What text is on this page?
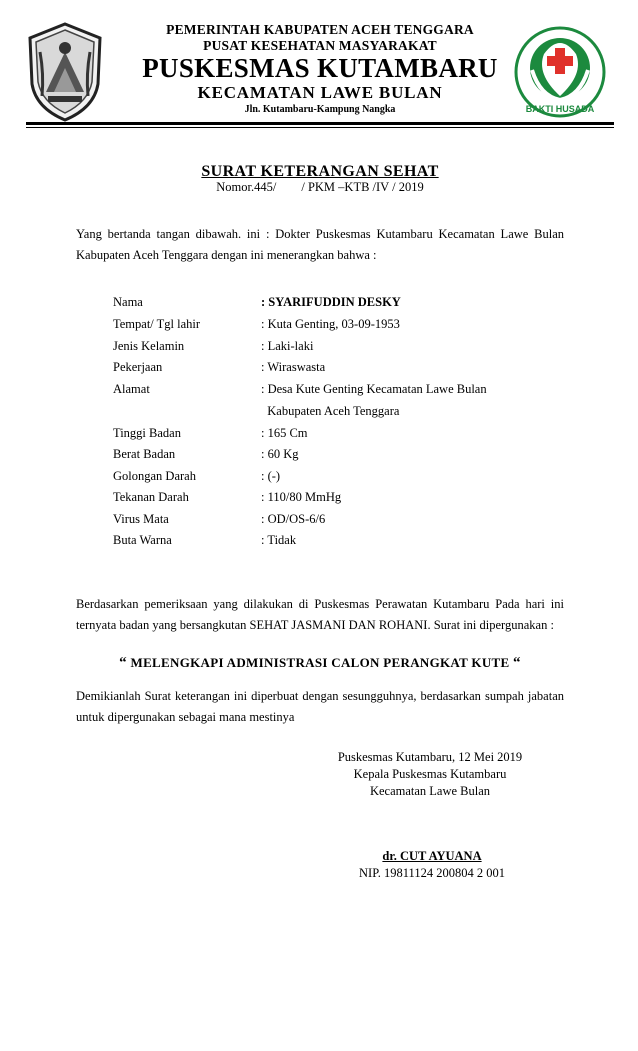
BAKTI HUSADA
PEMERINTAH KABUPATEN ACEH TENGGARA
PUSAT KESEHATAN MASYARAKAT
PUSKESMAS KUTAMBARU
KECAMATAN LAWE BULAN
Jln. Kutambaru-Kampung Nangka
SURAT KETERANGAN SEHAT
Nomor.445/        / PKM –KTB /IV / 2019
Yang bertanda tangan dibawah. ini : Dokter Puskesmas Kutambaru Kecamatan Lawe Bulan Kabupaten Aceh Tenggara dengan ini menerangkan bahwa :
Nama	: SYARIFUDDIN DESKY
Tempat/ Tgl lahir	: Kuta Genting, 03-09-1953
Jenis Kelamin	: Laki-laki
Pekerjaan	: Wiraswasta
Alamat	: Desa Kute Genting Kecamatan Lawe Bulan
Kabupaten Aceh Tenggara
Tinggi Badan	: 165 Cm
Berat Badan	: 60 Kg
Golongan Darah	: (-)
Tekanan Darah	: 110/80 MmHg
Virus Mata	: OD/OS-6/6
Buta Warna	: Tidak
Berdasarkan pemeriksaan yang dilakukan di Puskesmas Perawatan Kutambaru Pada hari ini ternyata badan yang bersangkutan SEHAT JASMANI DAN ROHANI. Surat ini dipergunakan :
“ MELENGKAPI ADMINISTRASI CALON PERANGKAT KUTE “
Demikianlah Surat keterangan ini diperbuat dengan sesungguhnya, berdasarkan sumpah jabatan untuk dipergunakan sebagai mana mestinya
Puskesmas Kutambaru, 12 Mei 2019
Kepala Puskesmas Kutambaru
Kecamatan Lawe Bulan
dr. CUT AYUANA
NIP. 19811124 200804 2 001
